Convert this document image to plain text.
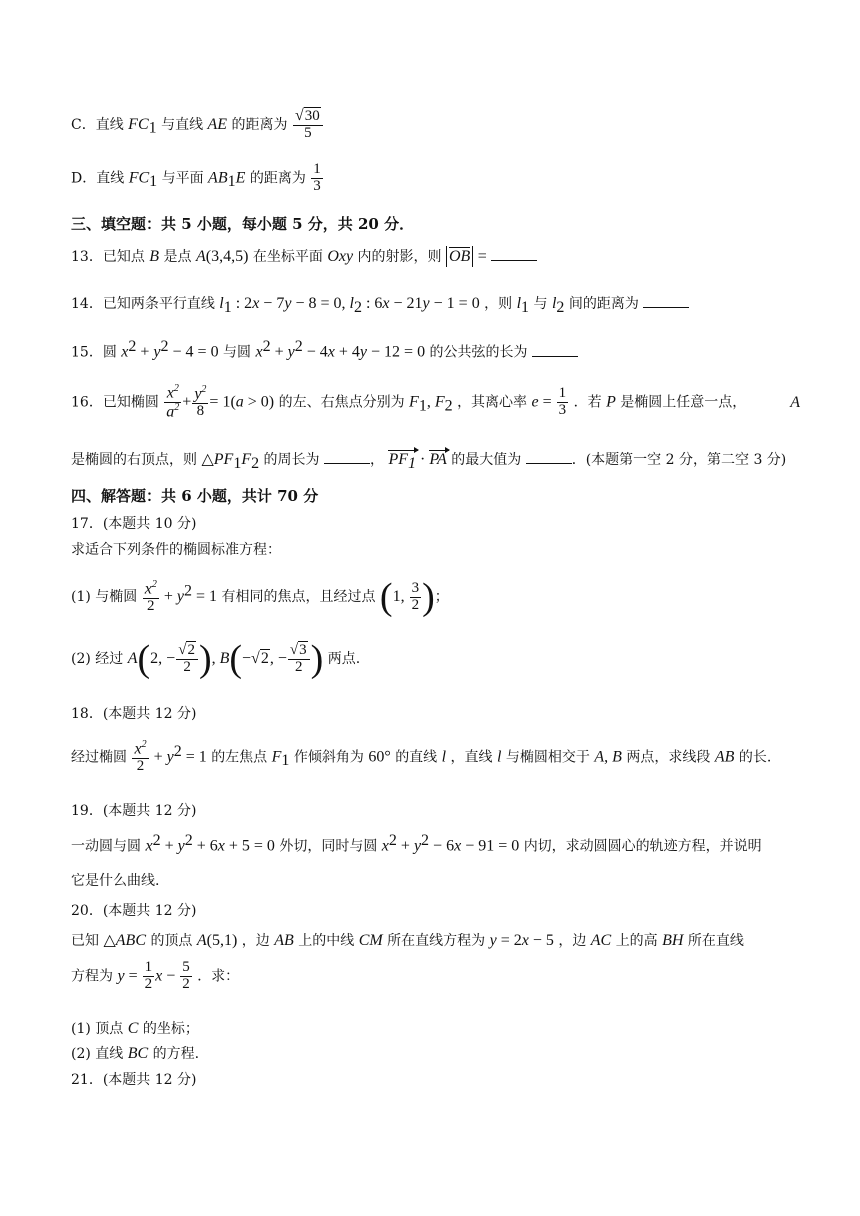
C．直线 $FC_1$ 与直线 AE 的距离为 $\frac{√30}{5}$
D．直线 $FC_1$ 与平面 $AB_1E$ 的距离为 $\frac{1}{3}$
三、填空题：共 5 小题，每小题 5 分，共 20 分．
13．已知点 B 是点 A(3,4,5) 在坐标平面 Oxy 内的射影，则 OB =
14．已知两条平行直线 $l_1$ : 2x − 7y − 8 = 0, $l_2$ : 6x − 21y − 1 = 0 ，则 $l_1$ 与 $l_2$ 间的距离为
15．圆 $x^2 + y^2 - 4 = 0$ 与圆 $x^2 + y^2 - 4x + 4y - 12 = 0$ 的公共弦的长为
16．已知椭圆 $\frac{x^2}{a^2} + \frac{y^2}{8} = 1(a > 0)$ 的左、右焦点分别为 $F_1$, $F_2$ ，其离心率 $e = \frac{1}{3}$ ．若 P 是椭圆上任意一点，	A
是椭圆的右顶点，则 $\triangle PF_1F_2$ 的周长为	， $PF_1$ · PA 的最大值为	．(本题第一空 2 分，第二空 3 分)
四、解答题：共 6 小题，共计 70 分
17．(本题共 10 分)
求适合下列条件的椭圆标准方程：
(1) 与椭圆 $\frac{x^2}{2} + y^2 = 1$ 有相同的焦点，且经过点 (1, $\frac{3}{2}$ )；
(2) 经过 A(2, − $\frac{√2}{2}$ ), B(−√2, − $\frac{√3}{2}$ ) 两点.
18．(本题共 12 分)
经过椭圆 $\frac{x^2}{2} + y^2 = 1$ 的左焦点 $F_1$ 作倾斜角为 60° 的直线 l ，直线 l 与椭圆相交于 A, B 两点，求线段 AB 的长.
19．(本题共 12 分)
一动圆与圆 $x^2 + y^2 + 6x + 5 = 0$ 外切，同时与圆 $x^2 + y^2 - 6x - 91 = 0$ 内切，求动圆圆心的轨迹方程，并说明
它是什么曲线.
20．(本题共 12 分)
已知 △ABC 的顶点 A(5,1) ，边 AB 上的中线 CM 所在直线方程为 y = 2x − 5 ，边 AC 上的高 BH 所在直线
方程为 $y = \frac{1}{2}$ $x - \frac{5}{2}$ ．求：
(1) 顶点 C 的坐标；
(2) 直线 BC 的方程.
21．(本题共 12 分)
